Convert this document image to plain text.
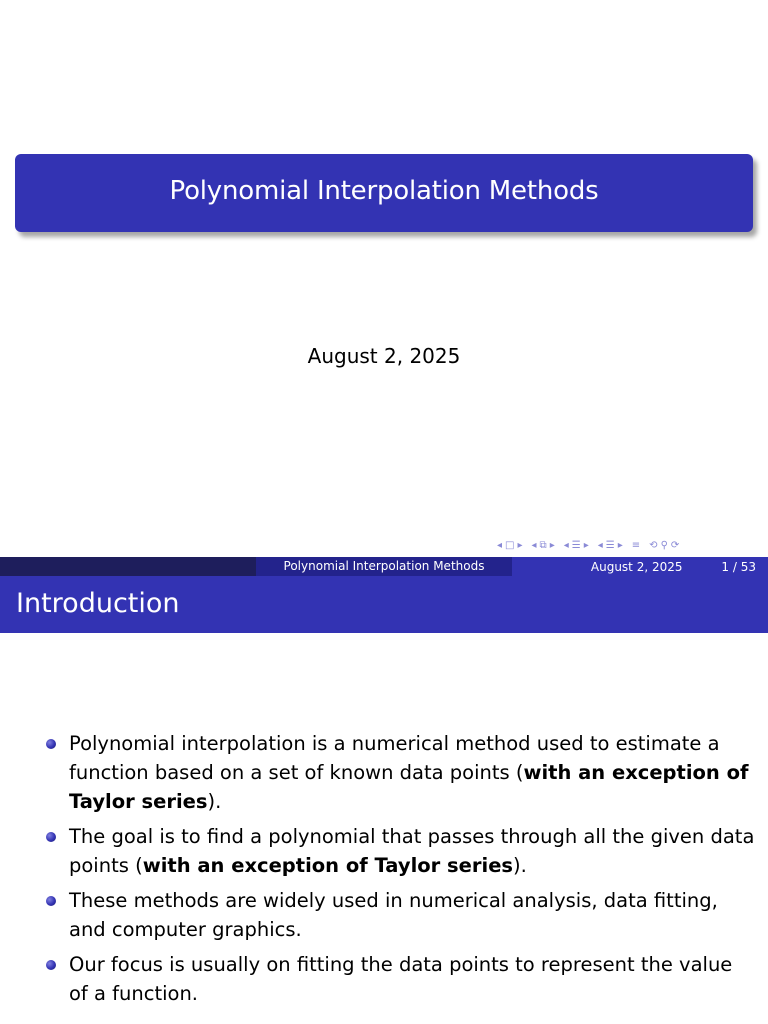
Polynomial Interpolation Methods
August 2, 2025
◂ □ ▸ ◂ ⧉ ▸ ◂ ☰ ▸ ◂ ☰ ▸ ≡ ⟲ ⚲ ⟳
Polynomial Interpolation Methods	August 2, 2025	1 / 53
Introduction
Polynomial interpolation is a numerical method used to estimate a function based on a set of known data points (with an exception of Taylor series).
The goal is to find a polynomial that passes through all the given data points (with an exception of Taylor series).
These methods are widely used in numerical analysis, data fitting, and computer graphics.
Our focus is usually on fitting the data points to represent the value of a function.
